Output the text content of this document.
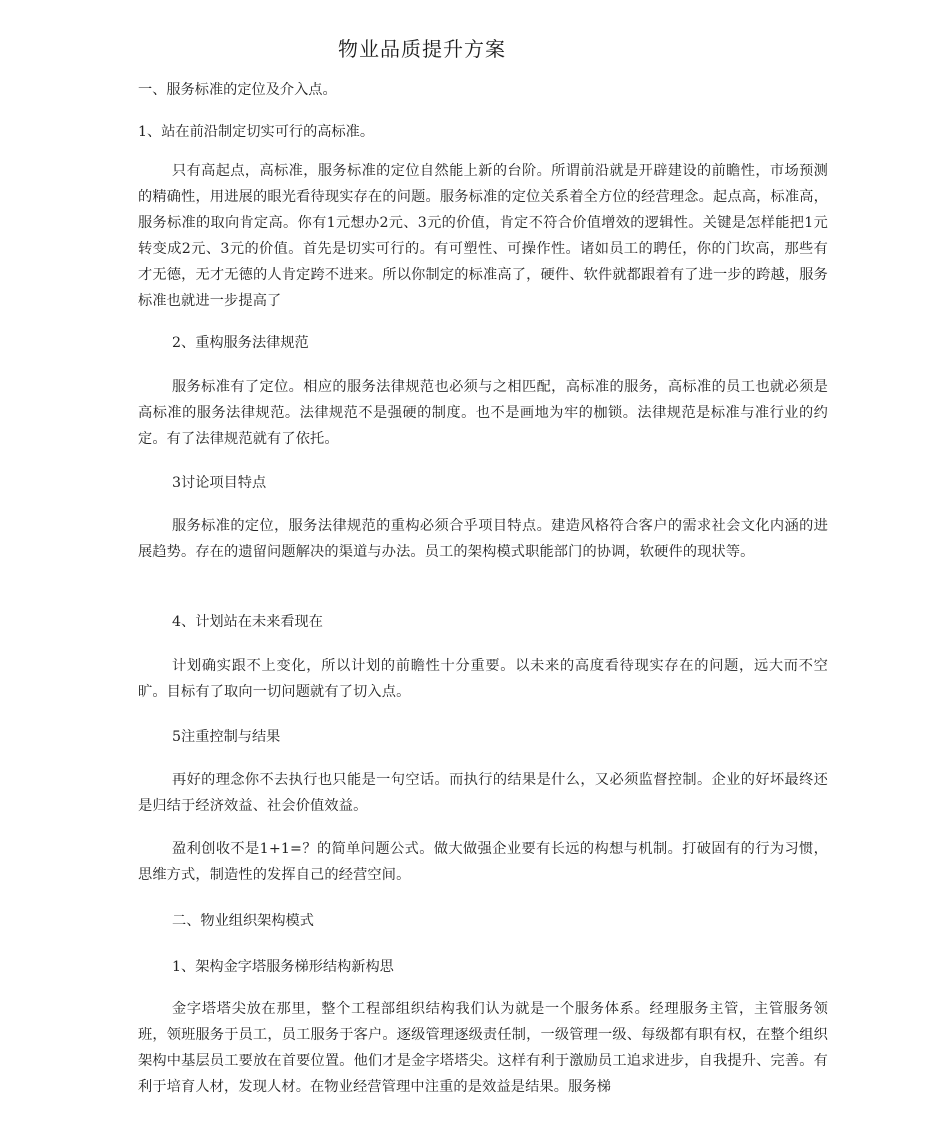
物业品质提升方案
一、服务标准的定位及介入点。
1、站在前沿制定切实可行的高标准。
只有高起点，高标准，服务标准的定位自然能上新的台阶。所谓前沿就是开辟建设的前瞻性，市场预测的精确性，用进展的眼光看待现实存在的问题。服务标准的定位关系着全方位的经营理念。起点高，标准高，服务标准的取向肯定高。你有1元想办2元、3元的价值，肯定不符合价值增效的逻辑性。关键是怎样能把1元转变成2元、3元的价值。首先是切实可行的。有可塑性、可操作性。诸如员工的聘任，你的门坎高，那些有才无德，无才无德的人肯定跨不进来。所以你制定的标准高了，硬件、软件就都跟着有了进一步的跨越，服务标准也就进一步提高了
2、重构服务法律规范
服务标准有了定位。相应的服务法律规范也必须与之相匹配，高标准的服务，高标准的员工也就必须是高标准的服务法律规范。法律规范不是强硬的制度。也不是画地为牢的枷锁。法律规范是标准与准行业的约定。有了法律规范就有了依托。
3讨论项目特点
服务标准的定位，服务法律规范的重构必须合乎项目特点。建造风格符合客户的需求社会文化内涵的进展趋势。存在的遗留问题解决的渠道与办法。员工的架构模式职能部门的协调，软硬件的现状等。
4、计划站在未来看现在
计划确实跟不上变化，所以计划的前瞻性十分重要。以未来的高度看待现实存在的问题，远大而不空旷。目标有了取向一切问题就有了切入点。
5注重控制与结果
再好的理念你不去执行也只能是一句空话。而执行的结果是什么，又必须监督控制。企业的好坏最终还是归结于经济效益、社会价值效益。
盈利创收不是1+1=？的简单问题公式。做大做强企业要有长远的构想与机制。打破固有的行为习惯，思维方式，制造性的发挥自己的经营空间。
二、物业组织架构模式
1、架构金字塔服务梯形结构新构思
金字塔塔尖放在那里，整个工程部组织结构我们认为就是一个服务体系。经理服务主管，主管服务领班，领班服务于员工，员工服务于客户。逐级管理逐级责任制，一级管理一级、每级都有职有权，在整个组织架构中基层员工要放在首要位置。他们才是金字塔塔尖。这样有利于激励员工追求进步，自我提升、完善。有利于培育人材，发现人材。在物业经营管理中注重的是效益是结果。服务梯
